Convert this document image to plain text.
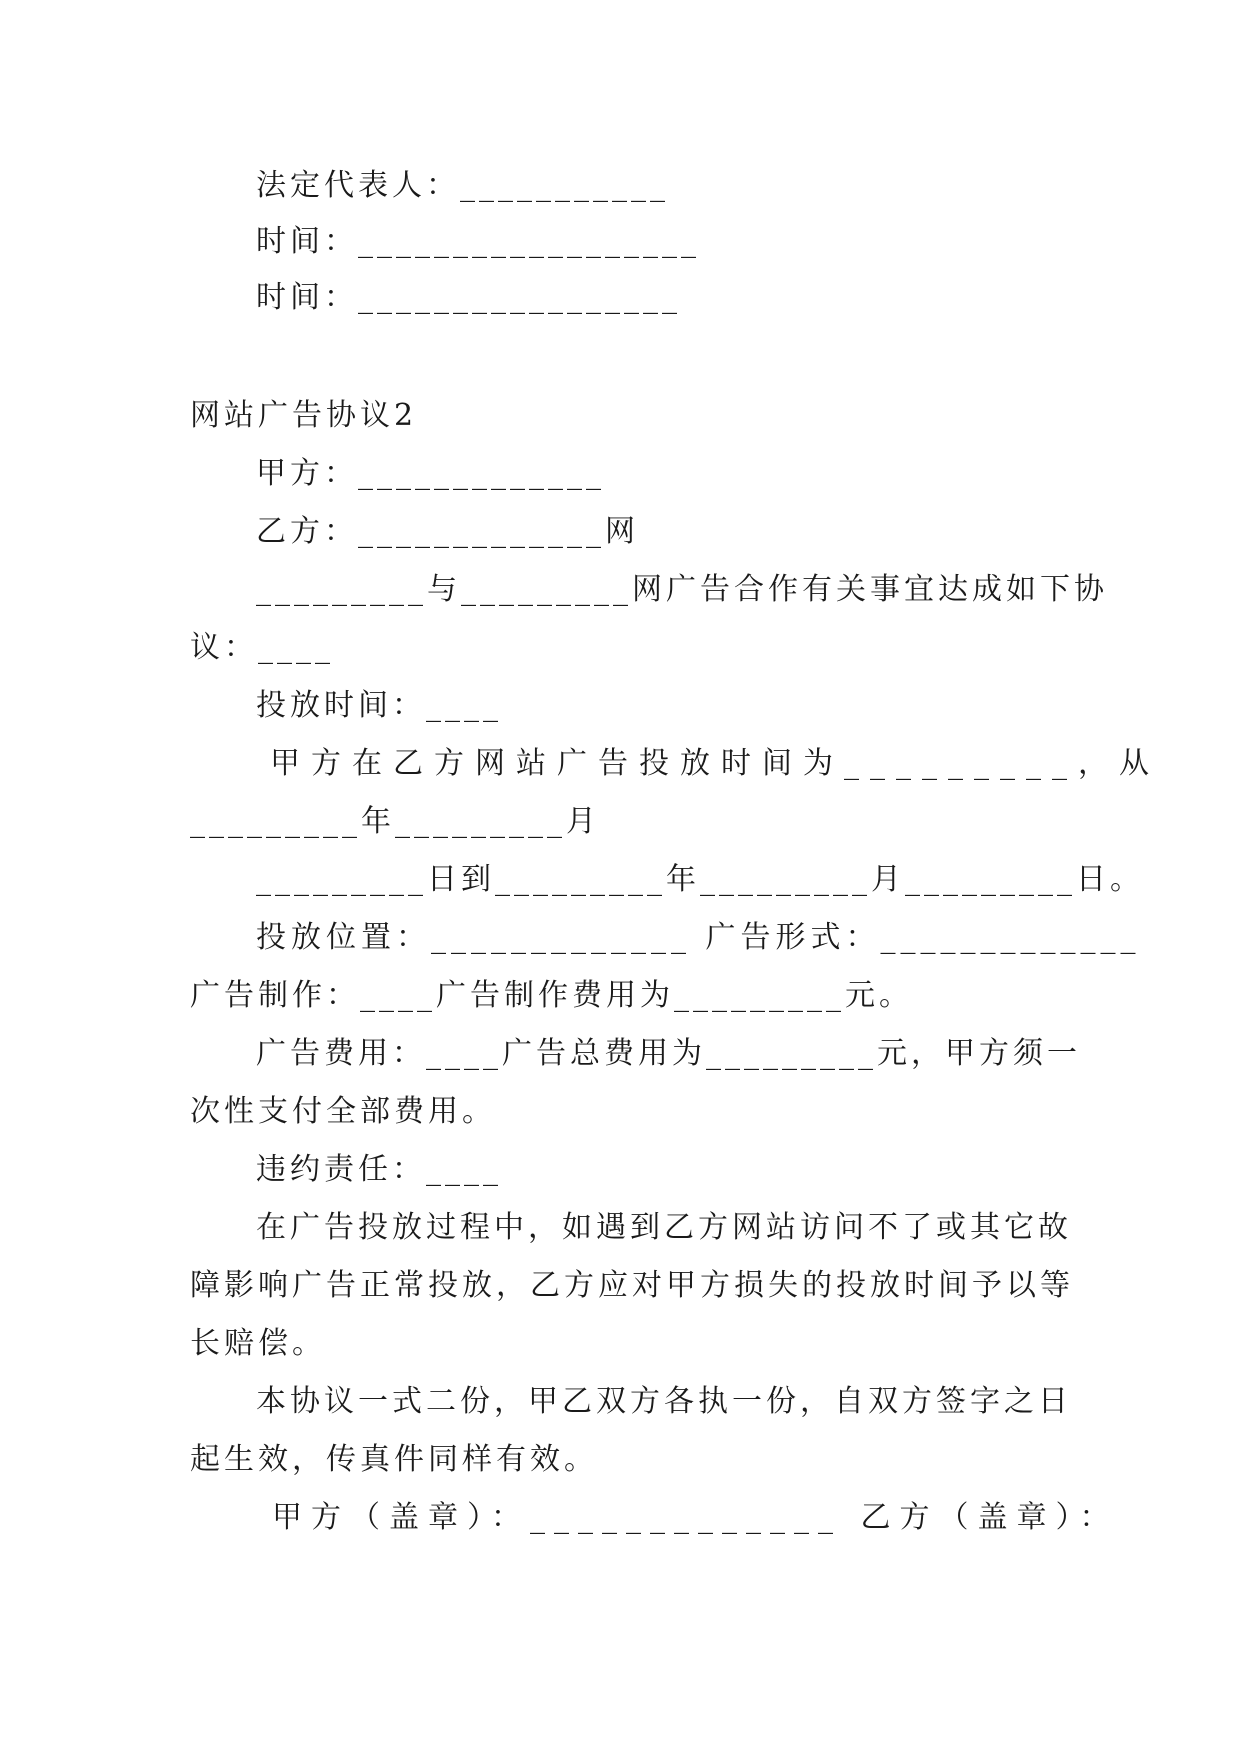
法定代表人：___________
时间：__________________
时间：_________________
网站广告协议2
甲方：_____________
乙方：_____________网
_________与_________网广告合作有关事宜达成如下协
议：____
投放时间：____
甲方在乙方网站广告投放时间为_________，从
_________年_________月
_________日到_________年_________月_________日。
投放位置：_____________ 广告形式：_____________
广告制作：____广告制作费用为_________元。
广告费用：____广告总费用为_________元，甲方须一
次性支付全部费用。
违约责任：____
在广告投放过程中，如遇到乙方网站访问不了或其它故
障影响广告正常投放，乙方应对甲方损失的投放时间予以等
长赔偿。
本协议一式二份，甲乙双方各执一份，自双方签字之日
起生效，传真件同样有效。
甲方（盖章）：_____________ 乙方（盖章）：
